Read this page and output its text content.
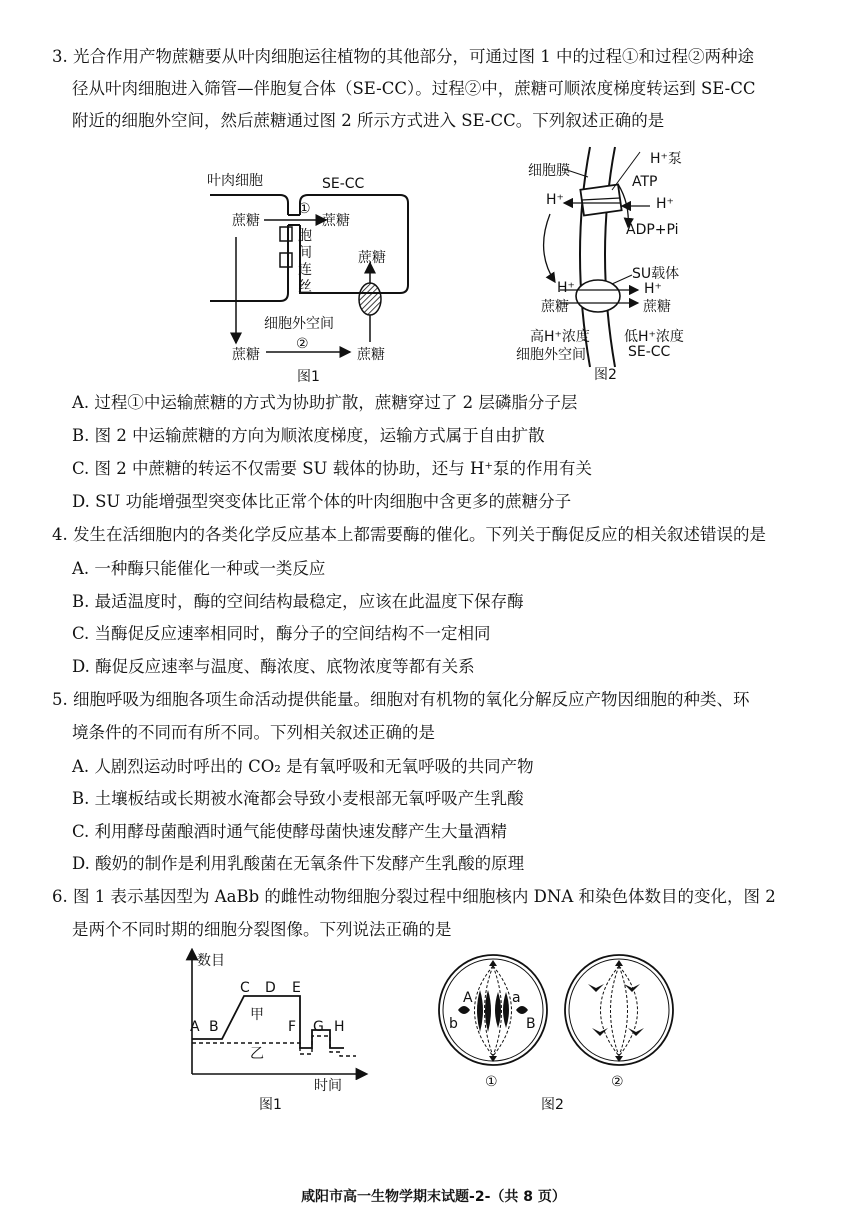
3. 光合作用产物蔗糖要从叶肉细胞运往植物的其他部分，可通过图 1 中的过程①和过程②两种途
径从叶肉细胞进入筛管—伴胞复合体（SE-CC）。过程②中，蔗糖可顺浓度梯度转运到 SE-CC
附近的细胞外空间，然后蔗糖通过图 2 所示方式进入 SE-CC。下列叙述正确的是
叶肉细胞	SE-CC
蔗糖
①
蔗糖
胞
间
连
丝
蔗糖
细胞外空间
②
蔗糖	蔗糖
图1
细胞膜
H⁺泵
ATP
H⁺	H⁺
ADP+Pi
SU载体
H⁺	H⁺
蔗糖	蔗糖
高H⁺浓度 低H⁺浓度
细胞外空间	SE-CC
图2
A. 过程①中运输蔗糖的方式为协助扩散，蔗糖穿过了 2 层磷脂分子层
B. 图 2 中运输蔗糖的方向为顺浓度梯度，运输方式属于自由扩散
C. 图 2 中蔗糖的转运不仅需要 SU 载体的协助，还与 H⁺泵的作用有关
D. SU 功能增强型突变体比正常个体的叶肉细胞中含更多的蔗糖分子
4. 发生在活细胞内的各类化学反应基本上都需要酶的催化。下列关于酶促反应的相关叙述错误的是
A. 一种酶只能催化一种或一类反应
B. 最适温度时，酶的空间结构最稳定，应该在此温度下保存酶
C. 当酶促反应速率相同时，酶分子的空间结构不一定相同
D. 酶促反应速率与温度、酶浓度、底物浓度等都有关系
5. 细胞呼吸为细胞各项生命活动提供能量。细胞对有机物的氧化分解反应产物因细胞的种类、环
境条件的不同而有所不同。下列相关叙述正确的是
A. 人剧烈运动时呼出的 CO₂ 是有氧呼吸和无氧呼吸的共同产物
B. 土壤板结或长期被水淹都会导致小麦根部无氧呼吸产生乳酸
C. 利用酵母菌酿酒时通气能使酵母菌快速发酵产生大量酒精
D. 酸奶的制作是利用乳酸菌在无氧条件下发酵产生乳酸的原理
6. 图 1 表示基因型为 AaBb 的雌性动物细胞分裂过程中细胞核内 DNA 和染色体数目的变化，图 2
是两个不同时期的细胞分裂图像。下列说法正确的是
数目
时间
A B
C D E
F G H
甲
乙
图1
A	a
b	B
①	②
图2
咸阳市高一生物学期末试题-2-（共 8 页）
